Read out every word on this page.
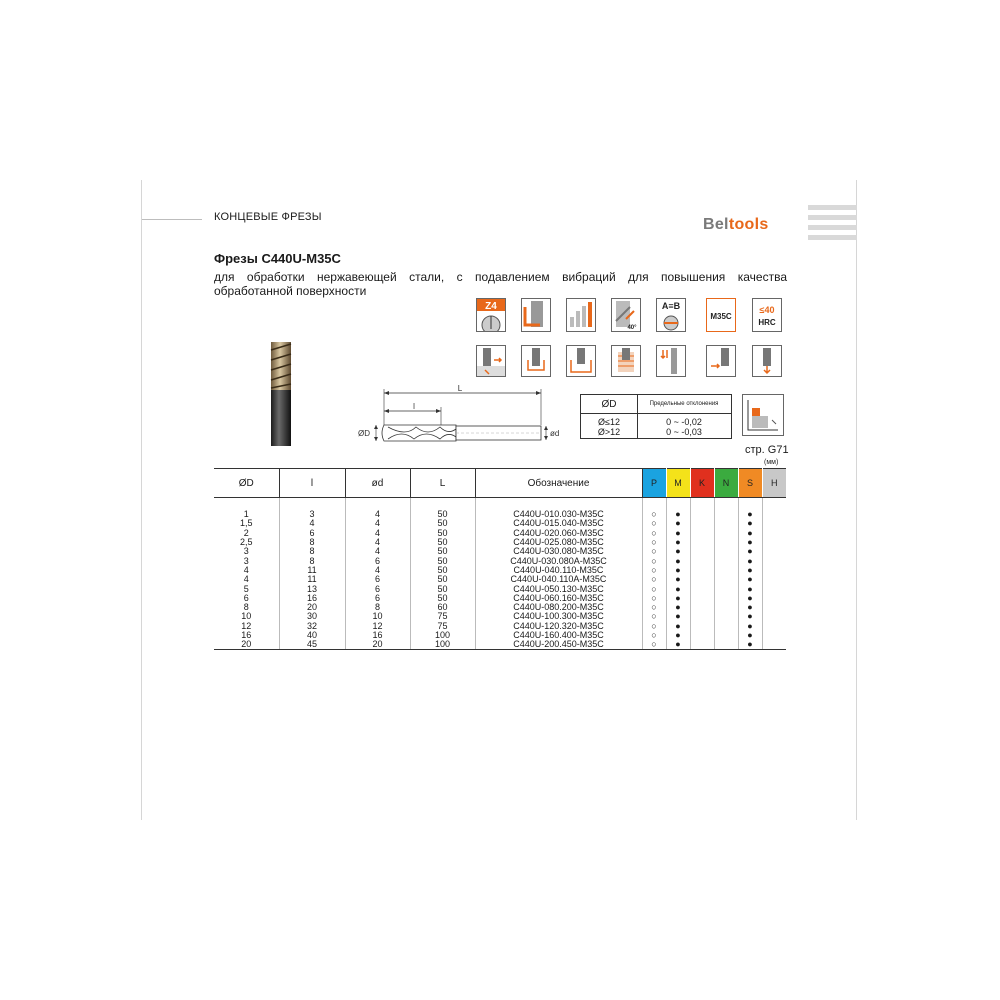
КОНЦЕВЫЕ ФРЕЗЫ	Beltools
Фрезы C440U-M35C
для обработки нержавеющей стали, с подавлением вибраций для повышения качества обработанной поверхности
Z4
40°
A≡B
M35C
≤40
HRC
L
l
ØD	ød
ØD	Предельные отклонения
Ø≤12	0 ~ -0,02
Ø>12	0 ~ -0,03
стр. G71
(мм)
ØD	l	ød	L	Обозначение	P	M	K	N	S	H

1	3	4	50	C440U-010.030-M35C	○	●			●	
1,5	4	4	50	C440U-015.040-M35C	○	●			●	
2	6	4	50	C440U-020.060-M35C	○	●			●	
2,5	8	4	50	C440U-025.080-M35C	○	●			●	
3	8	4	50	C440U-030.080-M35C	○	●			●	
3	8	6	50	C440U-030.080A-M35C	○	●			●	
4	11	4	50	C440U-040.110-M35C	○	●			●	
4	11	6	50	C440U-040.110A-M35C	○	●			●	
5	13	6	50	C440U-050.130-M35C	○	●			●	
6	16	6	50	C440U-060.160-M35C	○	●			●	
8	20	8	60	C440U-080.200-M35C	○	●			●	
10	30	10	75	C440U-100.300-M35C	○	●			●	
12	32	12	75	C440U-120.320-M35C	○	●			●	
16	40	16	100	C440U-160.400-M35C	○	●			●	
20	45	20	100	C440U-200.450-M35C	○	●			●	
